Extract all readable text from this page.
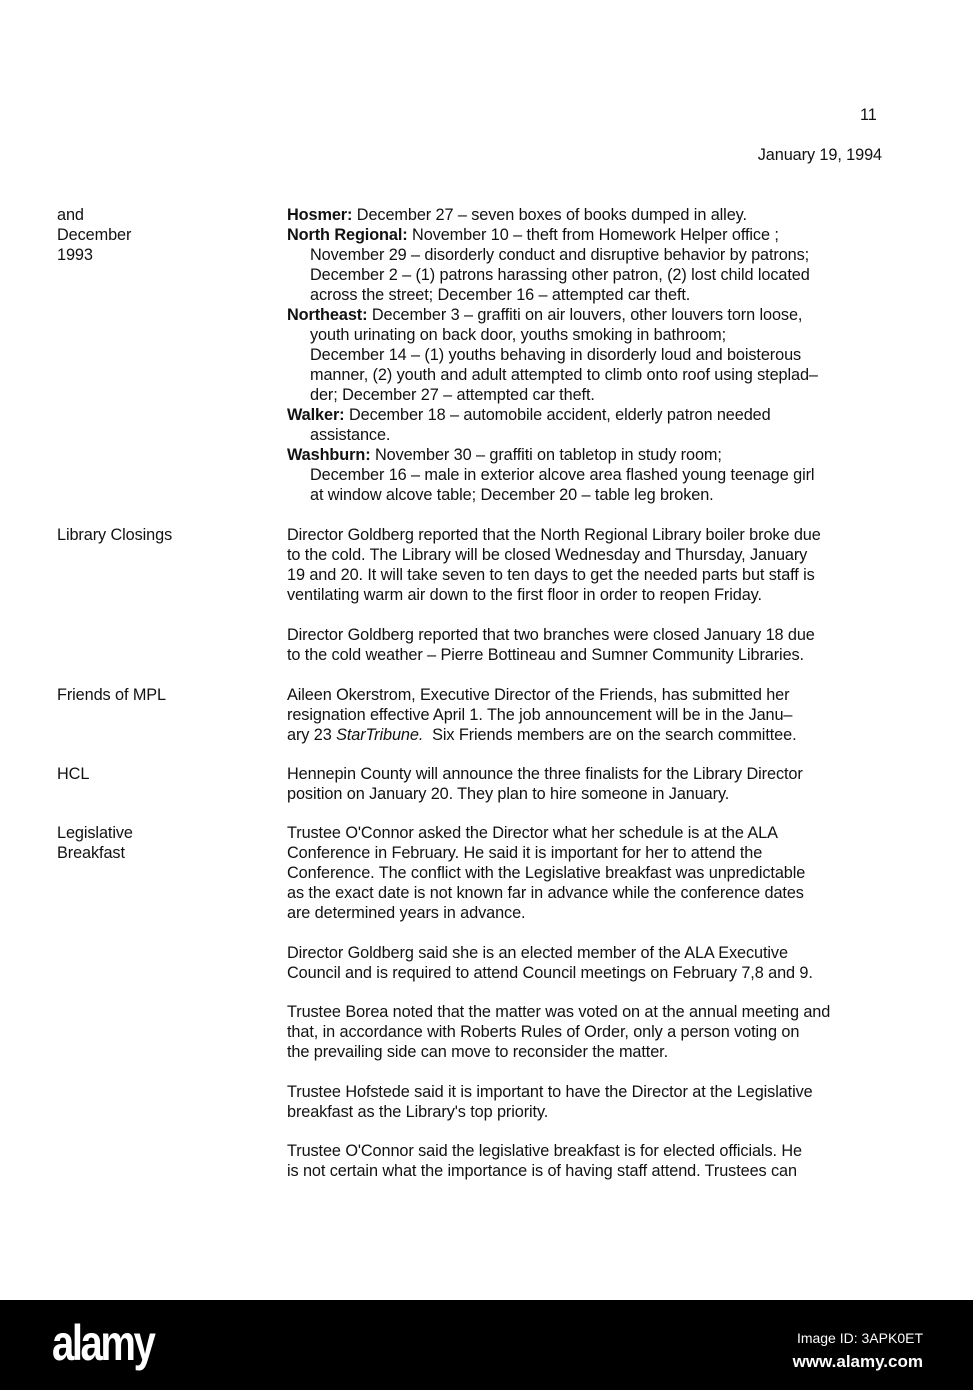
11
January 19, 1994
and
December
1993
Library Closings
Friends of MPL
HCL
Legislative
Breakfast
Hosmer: December 27 – seven boxes of books dumped in alley.
North Regional: November 10 – theft from Homework Helper office ;
November 29 – disorderly conduct and disruptive behavior by patrons;
December 2 – (1) patrons harassing other patron, (2) lost child located
across the street; December 16 – attempted car theft.
Northeast: December 3 – graffiti on air louvers, other louvers torn loose,
youth urinating on back door, youths smoking in bathroom;
December 14 – (1) youths behaving in disorderly loud and boisterous
manner, (2) youth and adult attempted to climb onto roof using steplad–
der; December 27 – attempted car theft.
Walker: December 18 – automobile accident, elderly patron needed
assistance.
Washburn: November 30 – graffiti on tabletop in study room;
December 16 – male in exterior alcove area flashed young teenage girl
at window alcove table; December 20 – table leg broken.
Director Goldberg reported that the North Regional Library boiler broke due
to the cold. The Library will be closed Wednesday and Thursday, January
19 and 20. It will take seven to ten days to get the needed parts but staff is
ventilating warm air down to the first floor in order to reopen Friday.
Director Goldberg reported that two branches were closed January 18 due
to the cold weather – Pierre Bottineau and Sumner Community Libraries.
Aileen Okerstrom, Executive Director of the Friends, has submitted her
resignation effective April 1. The job announcement will be in the Janu–
ary 23 StarTribune.  Six Friends members are on the search committee.
Hennepin County will announce the three finalists for the Library Director
position on January 20. They plan to hire someone in January.
Trustee O'Connor asked the Director what her schedule is at the ALA
Conference in February. He said it is important for her to attend the
Conference. The conflict with the Legislative breakfast was unpredictable
as the exact date is not known far in advance while the conference dates
are determined years in advance.
Director Goldberg said she is an elected member of the ALA Executive
Council and is required to attend Council meetings on February 7,8 and 9.
Trustee Borea noted that the matter was voted on at the annual meeting and
that, in accordance with Roberts Rules of Order, only a person voting on
the prevailing side can move to reconsider the matter.
Trustee Hofstede said it is important to have the Director at the Legislative
breakfast as the Library's top priority.
Trustee O'Connor said the legislative breakfast is for elected officials. He
is not certain what the importance is of having staff attend. Trustees can
alamy	Image ID: 3APK0ET
www.alamy.com
